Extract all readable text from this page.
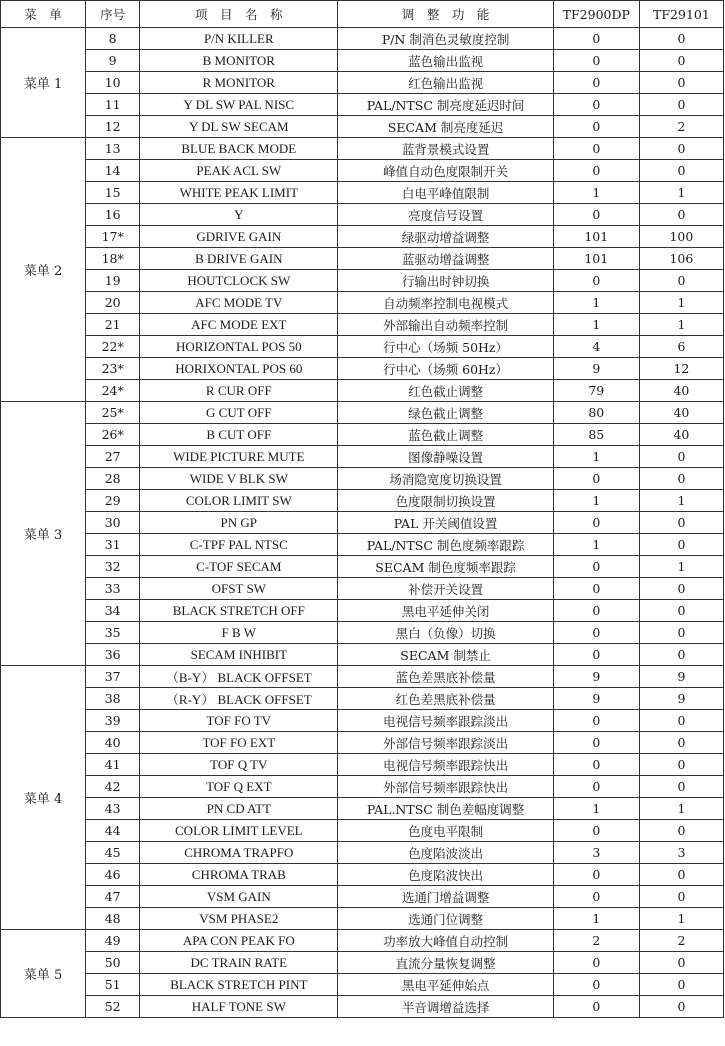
菜　单	序号	项　目　名　称	调　整　功　能	TF2900DP	TF29101
菜单 1	8	P/N KILLER	P/N 制消色灵敏度控制	0	0
	9	B MONITOR	蓝色输出监视	0	0
	10	R MONITOR	红色输出监视	0	0
	11	Y DL SW PAL NISC	PAL/NTSC 制亮度延迟时间	0	0
	12	Y DL SW SECAM	SECAM 制亮度延迟	0	2
菜单 2	13	BLUE BACK MODE	蓝背景模式设置	0	0
	14	PEAK ACL SW	峰值自动色度限制开关	0	0
	15	WHITE PEAK LIMIT	白电平峰值限制	1	1
	16	Y	亮度信号设置	0	0
	17*	GDRIVE GAIN	绿驱动增益调整	101	100
	18*	B DRIVE GAIN	蓝驱动增益调整	101	106
	19	HOUTCLOCK SW	行输出时钟切换	0	0
	20	AFC MODE TV	自动频率控制电视模式	1	1
	21	AFC MODE EXT	外部输出自动频率控制	1	1
	22*	HORIZONTAL POS 50	行中心（场频 50Hz）	4	6
	23*	HORIXONTAL POS 60	行中心（场频 60Hz）	9	12
	24*	R CUR OFF	红色截止调整	79	40
菜单 3	25*	G CUT OFF	绿色截止调整	80	40
	26*	B CUT OFF	蓝色截止调整	85	40
	27	WIDE PICTURE MUTE	图像静噪设置	1	0
	28	WIDE V BLK SW	场消隐宽度切换设置	0	0
	29	COLOR LIMIT SW	色度限制切换设置	1	1
	30	PN GP	PAL 开关阈值设置	0	0
	31	C-TPF PAL NTSC	PAL/NTSC 制色度频率跟踪	1	0
	32	C-TOF SECAM	SECAM 制色度频率跟踪	0	1
	33	OFST SW	补偿开关设置	0	0
	34	BLACK STRETCH OFF	黑电平延伸关闭	0	0
	35	F B W	黑白（负像）切换	0	0
	36	SECAM INHIBIT	SECAM 制禁止	0	0
菜单 4	37	（B-Y） BLACK OFFSET	蓝色差黑底补偿量	9	9
	38	（R-Y） BLACK OFFSET	红色差黑底补偿量	9	9
	39	TOF FO TV	电视信号频率跟踪淡出	0	0
	40	TOF FO EXT	外部信号频率跟踪淡出	0	0
	41	TOF Q TV	电视信号频率跟踪快出	0	0
	42	TOF Q EXT	外部信号频率跟踪快出	0	0
	43	PN CD ATT	PAL.NTSC 制色差幅度调整	1	1
	44	COLOR LIMIT LEVEL	色度电平限制	0	0
	45	CHROMA TRAPFO	色度陷波淡出	3	3
	46	CHROMA TRAB	色度陷波快出	0	0
	47	VSM GAIN	选通门增益调整	0	0
	48	VSM PHASE2	选通门位调整	1	1
菜单 5	49	APA CON PEAK FO	功率放大峰值自动控制	2	2
	50	DC TRAIN RATE	直流分量恢复调整	0	0
	51	BLACK STRETCH PINT	黑电平延伸始点	0	0
	52	HALF TONE SW	半音调增益选择	0	0
